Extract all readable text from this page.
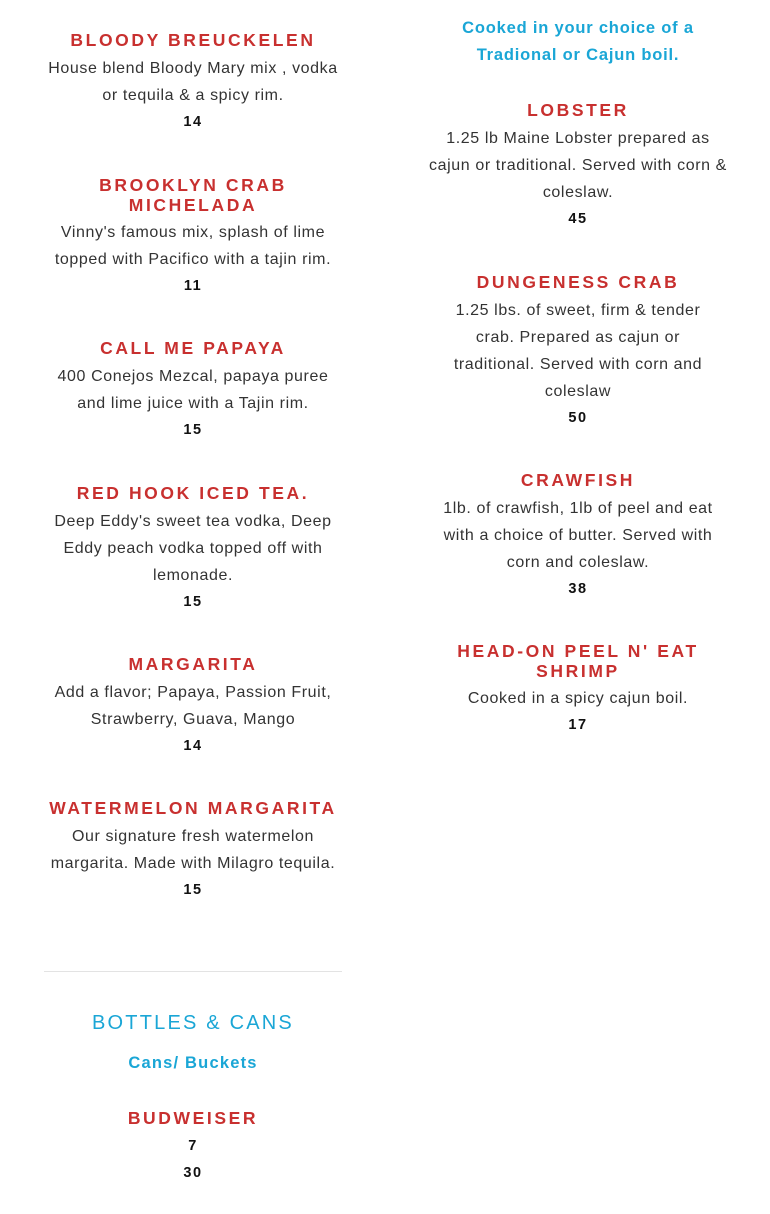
BLOODY BREUCKELEN

House blend Bloody Mary mix , vodka or tequila & a spicy rim.

14

BROOKLYN CRAB MICHELADA

Vinny's famous mix, splash of lime topped with Pacifico with a tajin rim.

11

CALL ME PAPAYA

400 Conejos Mezcal, papaya puree and lime juice with a Tajin rim.

15

RED HOOK ICED TEA.

Deep Eddy's sweet tea vodka, Deep Eddy peach vodka topped off with lemonade.

15

MARGARITA

Add a flavor; Papaya, Passion Fruit, Strawberry, Guava, Mango

14

WATERMELON MARGARITA

Our signature fresh watermelon margarita. Made with Milagro tequila.

15

BOTTLES & CANS
Cans/ Buckets
BUDWEISER

7

30

Cooked in your choice of a Tradional or Cajun boil.

LOBSTER

1.25 lb Maine Lobster prepared as cajun or traditional. Served with corn & coleslaw.

45

DUNGENESS CRAB

1.25 lbs. of sweet, firm & tender crab. Prepared as cajun or traditional. Served with corn and coleslaw

50

CRAWFISH

1lb. of crawfish, 1lb of peel and eat with a choice of butter. Served with corn and coleslaw.

38

HEAD-ON PEEL N' EAT SHRIMP

Cooked in a spicy cajun boil.

17
